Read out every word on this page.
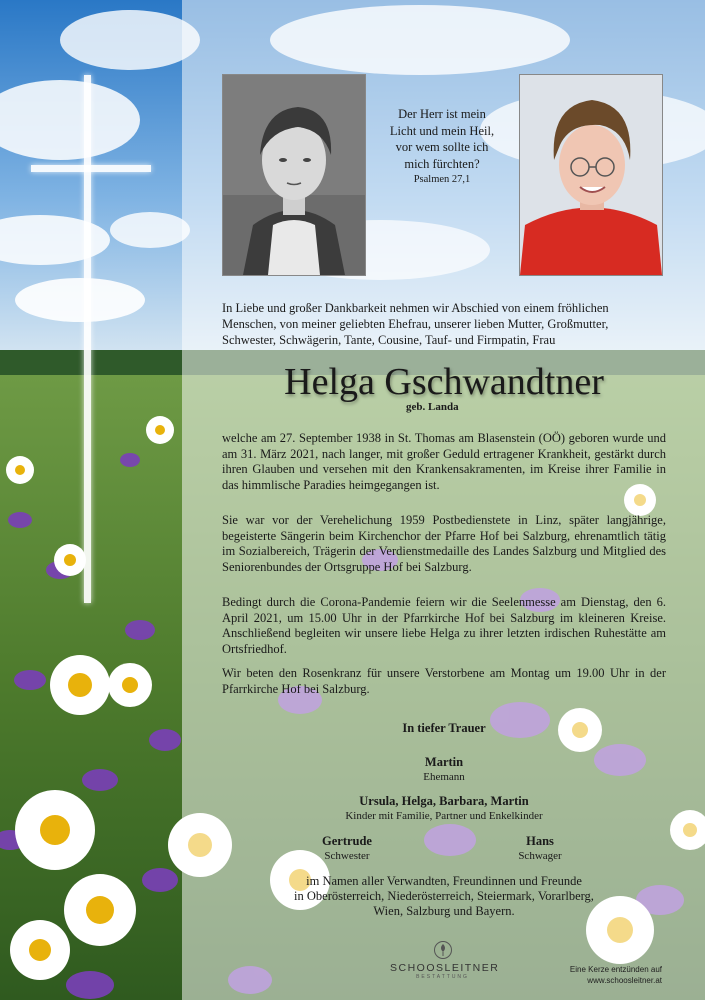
Der Herr ist mein
Licht und mein Heil,
vor wem sollte ich
mich fürchten?
Psalmen 27,1
In Liebe und großer Dankbarkeit nehmen wir Abschied von einem fröhlichen
Menschen, von meiner geliebten Ehefrau, unserer lieben Mutter, Großmutter,
Schwester, Schwägerin, Tante, Cousine, Tauf- und Firmpatin, Frau
Helga Gschwandtner
geb. Landa
welche am 27. September 1938 in St. Thomas am Blasenstein (OÖ) geboren wurde und am 31. März 2021, nach langer, mit großer Geduld ertragener Krankheit, gestärkt durch ihren Glauben und versehen mit den Krankensakramenten, im Kreise ihrer Familie in das himmlische Paradies heimgegangen ist.
Sie war vor der Verehelichung 1959 Postbedienstete in Linz, später langjährige, begeisterte Sängerin beim Kirchenchor der Pfarre Hof bei Salzburg, ehrenamtlich tätig im Sozialbereich, Trägerin der Verdienstmedaille des Landes Salzburg und Mitglied des Seniorenbundes der Ortsgruppe Hof bei Salzburg.
Bedingt durch die Corona-Pandemie feiern wir die Seelenmesse am Dienstag, den 6. April 2021, um 15.00 Uhr in der Pfarrkirche Hof bei Salzburg im kleineren Kreise. Anschließend begleiten wir unsere liebe Helga zu ihrer letzten irdischen Ruhestätte am Ortsfriedhof.
Wir beten den Rosenkranz für unsere Verstorbene am Montag um 19.00 Uhr in der Pfarrkirche Hof bei Salzburg.
In tiefer Trauer
Martin
Ehemann
Ursula, Helga, Barbara, Martin
Kinder mit Familie, Partner und Enkelkinder
Gertrude
Schwester
Hans
Schwager
im Namen aller Verwandten, Freundinnen und Freunde
in Oberösterreich, Niederösterreich, Steiermark, Vorarlberg,
Wien, Salzburg und Bayern.
SCHOOSLEITNER
BESTATTUNG
Eine Kerze entzünden auf
www.schoosleitner.at
